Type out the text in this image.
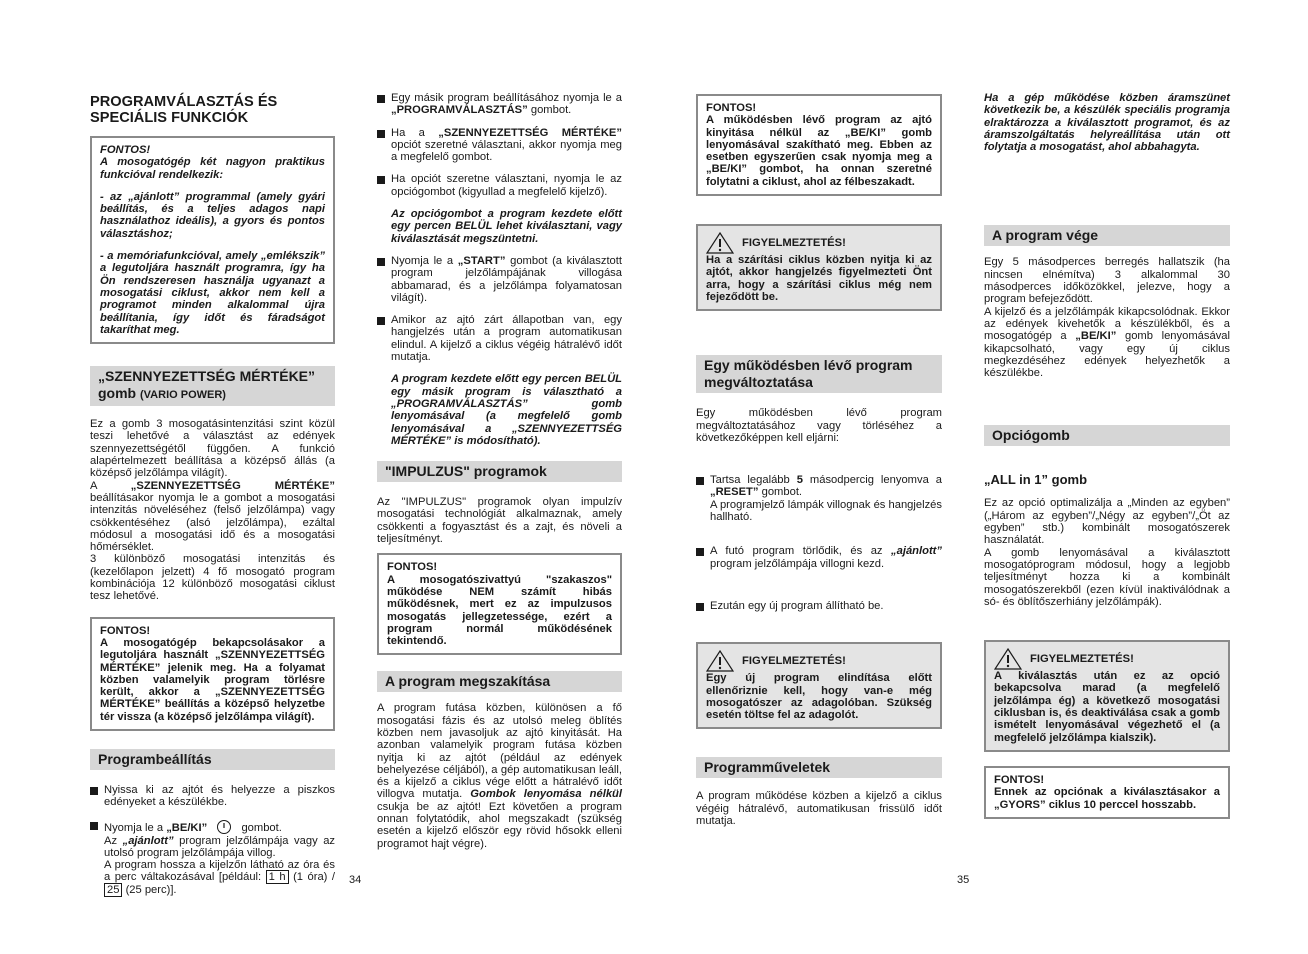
PROGRAMVÁLASZTÁS ÉS
SPECIÁLIS FUNKCIÓK

FONTOS!

A mosogatógép két nagyon praktikus funkcióval rendelkezik:

- az „ajánlott” programmal (amely gyári beállítás, és a teljes adagos napi használathoz ideális), a gyors és pontos választáshoz;

- a memóriafunkcióval, amely „emlékszik” a legutoljára használt programra, így ha Ön rendszeresen használja ugyanazt a mosogatási ciklust, akkor nem kell a programot minden alkalommal újra beállítania, így időt és fáradságot takaríthat meg.

„SZENNYEZETTSÉG MÉRTÉKE”
gomb (VARIO POWER)

Ez a gomb 3 mosogatásintenzitási szint közül teszi lehetővé a választást az edények szennyezettségétől függően. A funkció alapértelmezett beállítása a középső állás (a középső jelzőlámpa világít).

A	„SZENNYEZETTSÉG MÉRTÉKE” beállításakor nyomja le a gombot a mosogatási intenzitás növeléséhez (felső jelzőlámpa) vagy csökkentéséhez (alsó jelzőlámpa), ezáltal módosul a mosogatási idő és a mosogatási hőmérséklet.

3 különböző mosogatási intenzitás és (kezelőlapon jelzett) 4 fő mosogató program kombinációja 12 különböző mosogatási ciklust tesz lehetővé.

FONTOS!

A mosogatógép bekapcsolásakor a legutoljára használt „SZENNYEZETTSÉG MÉRTÉKE” jelenik meg. Ha a folyamat közben valamelyik program törlésre került, akkor a „SZENNYEZETTSÉG MÉRTÉKE” beállítás a középső helyzetbe tér vissza (a középső jelzőlámpa világít).

Programbeállítás

Nyissa ki az ajtót és helyezze a piszkos edényeket a készülékbe.

Nyomja le a „BE/KI”	gombot.
Az „ajánlott” program jelzőlámpája vagy az utolsó program jelzőlámpája villog.
A program hossza a kijelzőn látható az óra és a perc váltakozásával [például: 1 h (1 óra) / 25 (25 perc)].

34

Egy másik program beállításához nyomja le a „PROGRAMVÁLASZTÁS” gombot.

Ha a „SZENNYEZETTSÉG MÉRTÉKE” opciót szeretné választani, akkor nyomja meg a megfelelő gombot.

Ha opciót szeretne választani, nyomja le az opciógombot (kigyullad a megfelelő kijelző).

Az opciógombot a program kezdete előtt egy percen BELÜL lehet kiválasztani, vagy kiválasztását megszüntetni.

Nyomja le a „START” gombot (a kiválasztott program jelzőlámpájának villogása abbamarad, és a jelzőlámpa folyamatosan világít).

Amikor az ajtó zárt állapotban van, egy hangjelzés után a program automatikusan elindul. A kijelző a ciklus végéig hátralévő időt mutatja.

A program kezdete előtt egy percen BELÜL egy másik program is választható a „PROGRAMVÁLASZTÁS” gomb lenyomásával (a megfelelő gomb lenyomásával a „SZENNYEZETTSÉG MÉRTÉKE” is módosítható).

"IMPULZUS" programok

Az "IMPULZUS" programok olyan impulzív mosogatási technológiát alkalmaznak, amely csökkenti a fogyasztást és a zajt, és növeli a teljesítményt.

FONTOS!

A mosogatószivattyú "szakaszos" működése NEM számít hibás működésnek, mert ez az impulzusos mosogatás jellegzetessége, ezért a program normál működésének tekintendő.

A program megszakítása

A program futása közben, különösen a fő mosogatási fázis és az utolsó meleg öblítés közben nem javasoljuk az ajtó kinyitását. Ha azonban valamelyik program futása közben nyitja ki az ajtót (például az edények behelyezése céljából), a gép automatikusan leáll, és a kijelző a ciklus vége előtt a hátralévő időt villogva mutatja. Gombok lenyomása nélkül csukja be az ajtót! Ezt követően a program onnan folytatódik, ahol megszakadt (szükség esetén a kijelző először egy rövid hősokk elleni programot hajt végre).

FONTOS!

A működésben lévő program az ajtó kinyitása nélkül az „BE/KI” gomb lenyomásával szakítható meg. Ebben az esetben egyszerűen csak nyomja meg a „BE/KI” gombot, ha onnan szeretné folytatni a ciklust, ahol az félbeszakadt.

FIGYELMEZTETÉS!

Ha a szárítási ciklus közben nyitja ki az ajtót, akkor hangjelzés figyelmezteti Önt arra, hogy a szárítási ciklus még nem fejeződött be.

Egy működésben lévő program
megváltoztatása

Egy működésben lévő program megváltoztatásához vagy törléséhez a következőképpen kell eljárni:

Tartsa legalább 5 másodpercig lenyomva a „RESET” gombot.
A programjelző lámpák villognak és hangjelzés hallható.

A futó program törlődik, és az „ajánlott” program jelzőlámpája villogni kezd.

Ezután egy új program állítható be.

FIGYELMEZTETÉS!

Egy új program elindítása előtt ellenőriznie kell, hogy van-e még mosogatószer az adagolóban. Szükség esetén töltse fel az adagolót.

Programműveletek

A program működése közben a kijelző a ciklus végéig hátralévő, automatikusan frissülő időt mutatja.

35

Ha a gép működése közben áramszünet következik be, a készülék speciális programja elraktározza a kiválasztott programot, és az áramszolgáltatás helyreállítása után ott folytatja a mosogatást, ahol abbahagyta.

A program vége

Egy 5 másodperces berregés hallatszik (ha nincsen elnémítva) 3 alkalommal 30 másodperces időközökkel, jelezve, hogy a program befejeződött.

A kijelző és a jelzőlámpák kikapcsolódnak. Ekkor az edények kivehetők a készülékből, és a mosogatógép a „BE/KI” gomb lenyomásával kikapcsolható, vagy egy új ciklus megkezdéséhez edények helyezhetők a készülékbe.

Opciógomb

„ALL in 1” gomb

Ez az opció optimalizálja a „Minden az egyben” („Három az egyben”/„Négy az egyben”/„Öt az egyben” stb.) kombinált mosogatószerek használatát.

A gomb lenyomásával a kiválasztott mosogatóprogram módosul, hogy a legjobb teljesítményt hozza ki a kombinált mosogatószerekből (ezen kívül inaktiválódnak a só- és öblítőszerhiány jelzőlámpák).

FIGYELMEZTETÉS!

A kiválasztás után ez az opció bekapcsolva marad (a megfelelő jelzőlámpa ég) a következő mosogatási ciklusban is, és deaktiválása csak a gomb ismételt lenyomásával végezhető el (a megfelelő jelzőlámpa kialszik).

FONTOS!

Ennek az opciónak a kiválasztásakor a „GYORS” ciklus 10 perccel hosszabb.
